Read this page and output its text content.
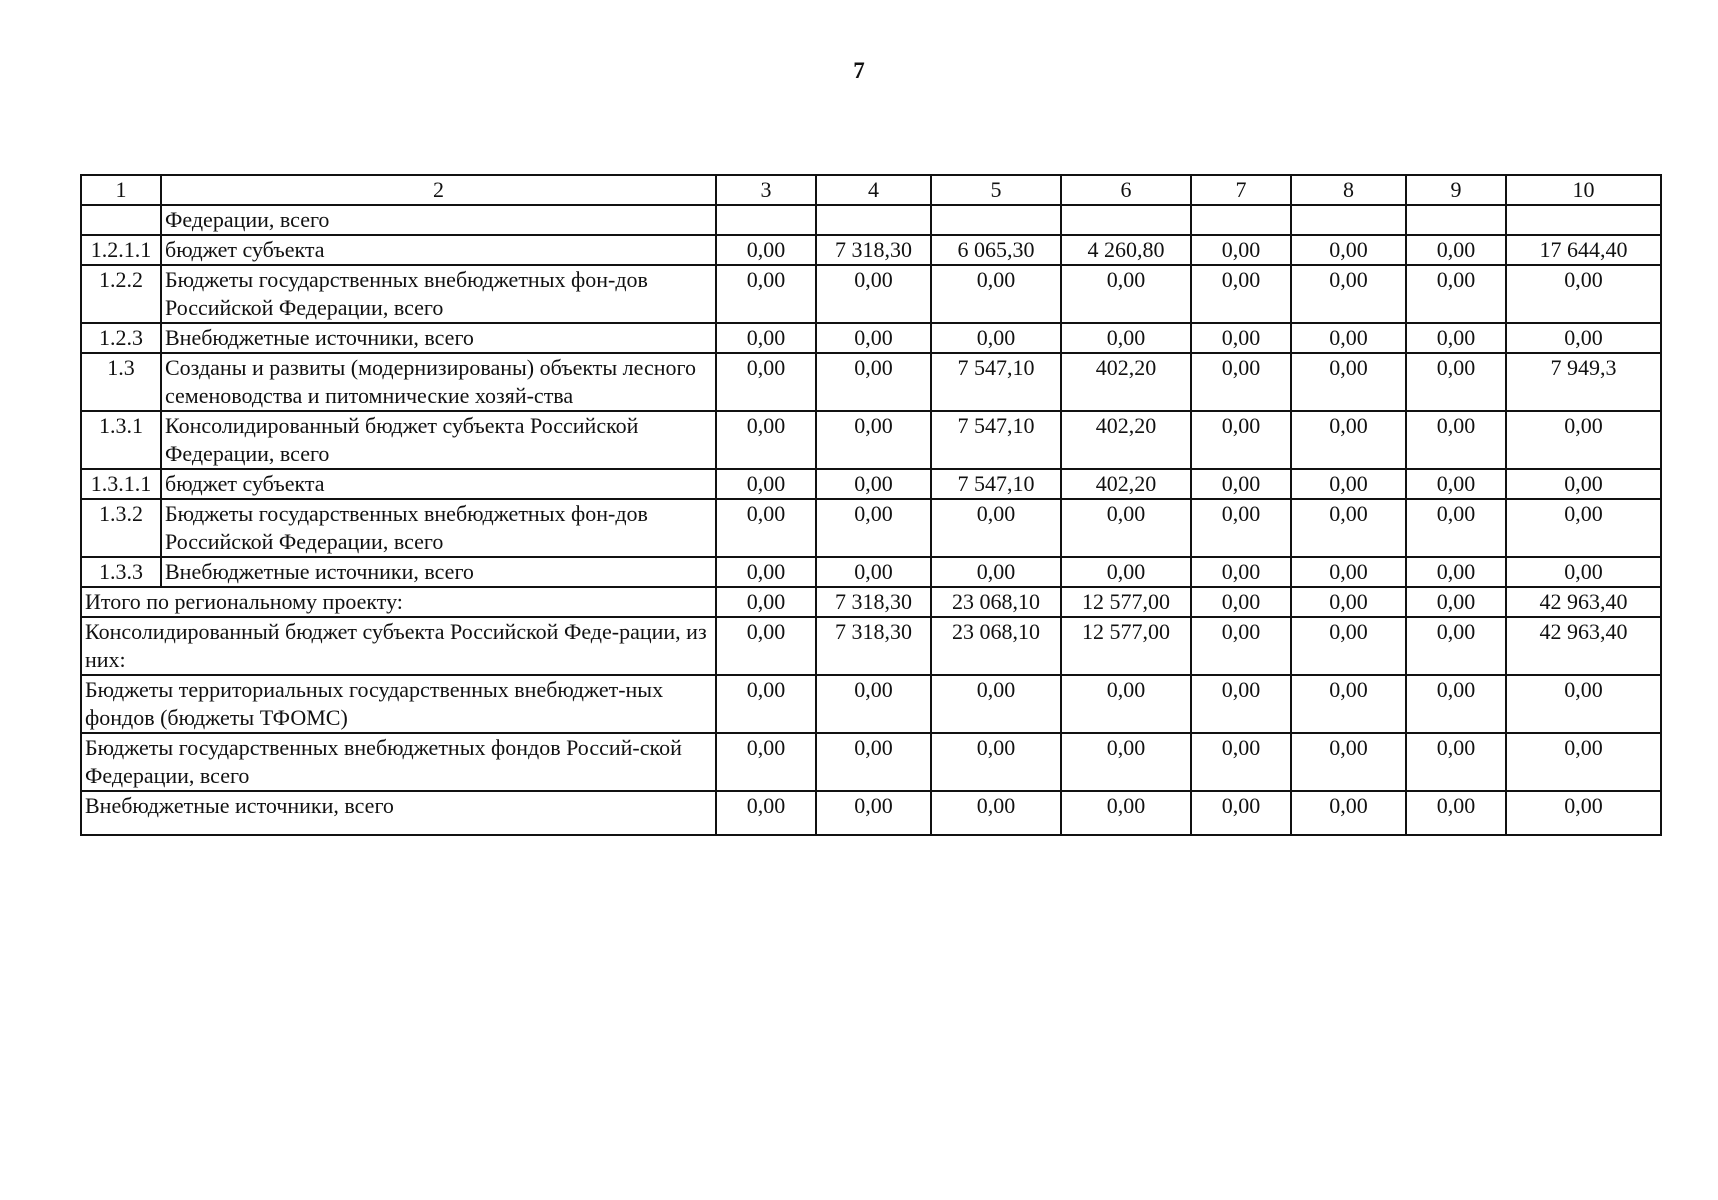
7
1	2	3	4	5	6	7	8	9	10
	Федерации, всего								
1.2.1.1	бюджет субъекта	0,00	7 318,30	6 065,30	4 260,80	0,00	0,00	0,00	17 644,40
1.2.2	Бюджеты государственных внебюджетных фон-дов Российской Федерации, всего	0,00	0,00	0,00	0,00	0,00	0,00	0,00	0,00
1.2.3	Внебюджетные источники, всего	0,00	0,00	0,00	0,00	0,00	0,00	0,00	0,00
1.3	Созданы и развиты (модернизированы) объекты лесного семеноводства и питомнические хозяй-ства	0,00	0,00	7 547,10	402,20	0,00	0,00	0,00	7 949,3
1.3.1	Консолидированный бюджет субъекта Российской Федерации, всего	0,00	0,00	7 547,10	402,20	0,00	0,00	0,00	0,00
1.3.1.1	бюджет субъекта	0,00	0,00	7 547,10	402,20	0,00	0,00	0,00	0,00
1.3.2	Бюджеты государственных внебюджетных фон-дов Российской Федерации, всего	0,00	0,00	0,00	0,00	0,00	0,00	0,00	0,00
1.3.3	Внебюджетные источники, всего	0,00	0,00	0,00	0,00	0,00	0,00	0,00	0,00
Итого по региональному проекту:		0,00	7 318,30	23 068,10	12 577,00	0,00	0,00	0,00	42 963,40
Консолидированный бюджет субъекта Российской Феде-рации, из них:		0,00	7 318,30	23 068,10	12 577,00	0,00	0,00	0,00	42 963,40
Бюджеты территориальных государственных внебюджет-ных фондов (бюджеты ТФОМС)		0,00	0,00	0,00	0,00	0,00	0,00	0,00	0,00
Бюджеты государственных внебюджетных фондов Россий-ской Федерации, всего		0,00	0,00	0,00	0,00	0,00	0,00	0,00	0,00
Внебюджетные источники, всего		0,00	0,00	0,00	0,00	0,00	0,00	0,00	0,00
